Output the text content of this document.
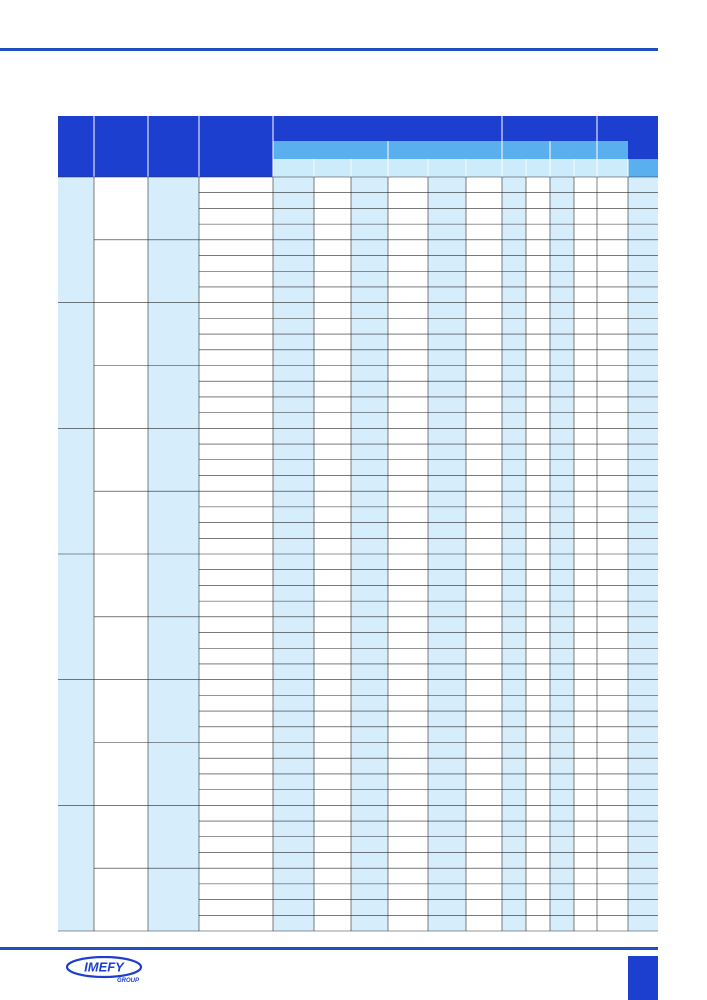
IMEFY
GROUP
